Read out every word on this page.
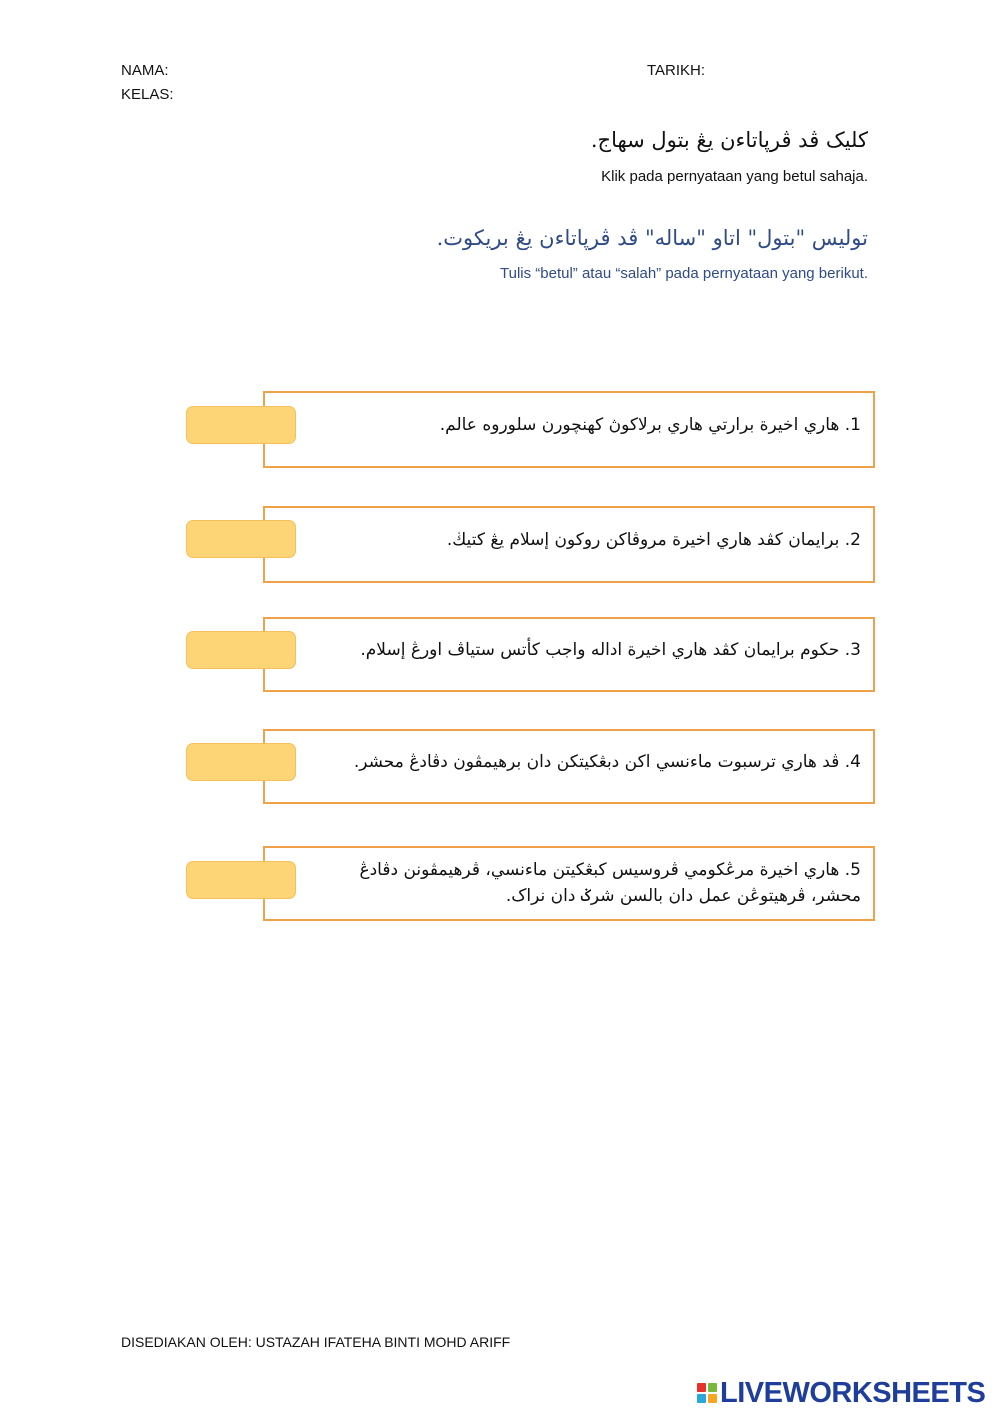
NAMA:
KELAS:
TARIKH:
كليک ڤد ڤرڽاتاءن يڠ بتول سهاج.
Klik pada pernyataan yang betul sahaja.
توليس "بتول" اتاو "ساله" ڤد ڤرڽاتاءن يڠ بريکوت.
Tulis “betul” atau “salah” pada pernyataan yang berikut.
1. هاري اخيرة برارتي هاري برلاكوڽ كهنچورن سلوروه عالم.
2. برايمان كڤد هاري اخيرة مروڤاكن روكون إسلام يڠ كتيڬ.
3. حكوم برايمان كڤد هاري اخيرة اداله واجب كأتس ستياڤ اورڠ إسلام.
4. ڤد هاري ترسبوت ماءنسي اكن دبڠكيتكن دان برهيمڤون دڤادڠ محشر.
5. هاري اخيرة مرڠكومي ڤروسيس كبڠكيتن ماءنسي، ڤرهيمڤونن دڤادڠ محشر، ڤرهيتوڠن عمل دان بالسن شرݢ دان نراک.
DISEDIAKAN OLEH: USTAZAH IFATEHA BINTI MOHD ARIFF
LIVEWORKSHEETS
